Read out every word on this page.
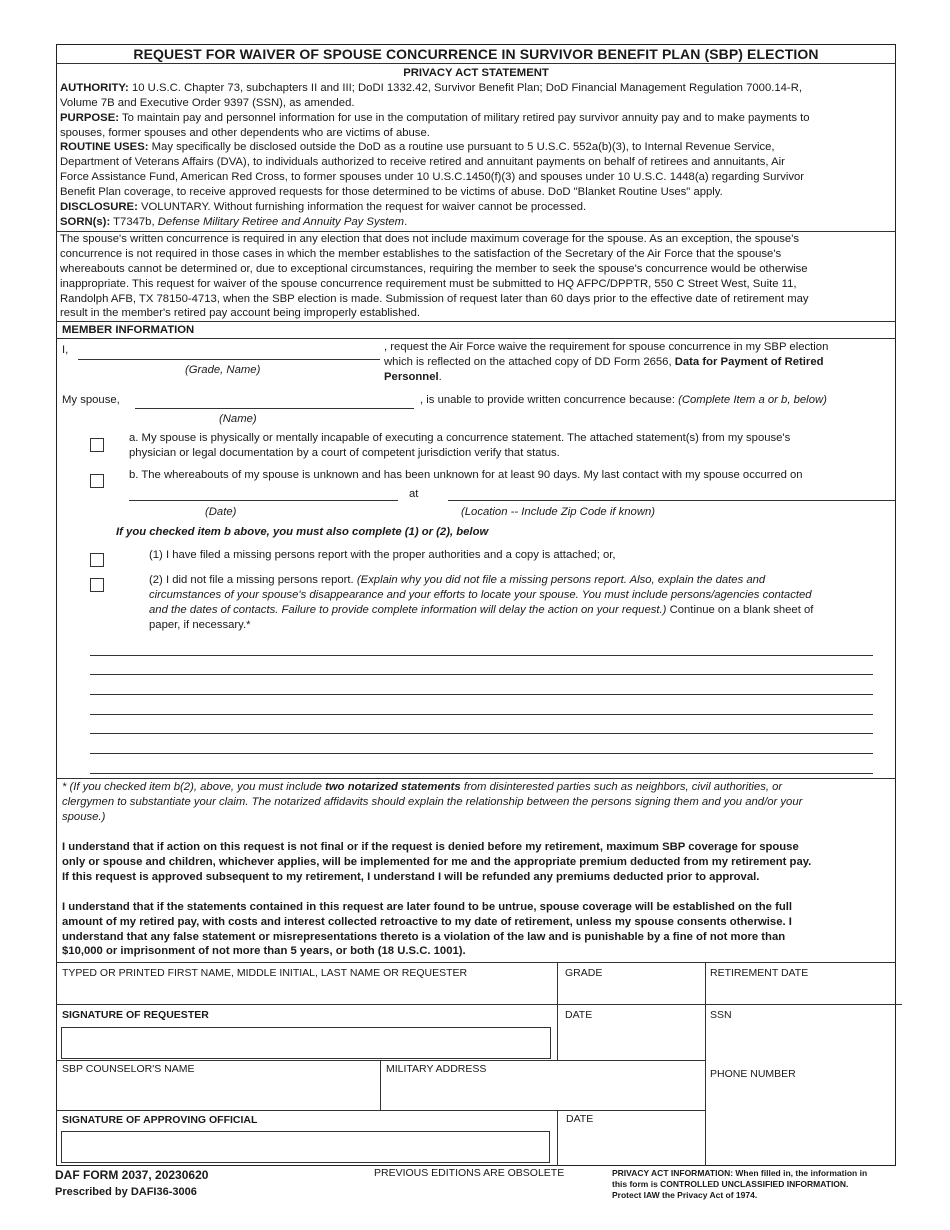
REQUEST FOR WAIVER OF SPOUSE CONCURRENCE IN SURVIVOR BENEFIT PLAN (SBP) ELECTION
PRIVACY ACT STATEMENT
AUTHORITY: 10 U.S.C. Chapter 73, subchapters II and III; DoDI 1332.42, Survivor Benefit Plan; DoD Financial Management Regulation 7000.14-R,
Volume 7B and Executive Order 9397 (SSN), as amended.
PURPOSE: To maintain pay and personnel information for use in the computation of military retired pay survivor annuity pay and to make payments to
spouses, former spouses and other dependents who are victims of abuse.
ROUTINE USES: May specifically be disclosed outside the DoD as a routine use pursuant to 5 U.S.C. 552a(b)(3), to Internal Revenue Service,
Department of Veterans Affairs (DVA), to individuals authorized to receive retired and annuitant payments on behalf of retirees and annuitants, Air
Force Assistance Fund, American Red Cross, to former spouses under 10 U.S.C.1450(f)(3) and spouses under 10 U.S.C. 1448(a) regarding Survivor
Benefit Plan coverage, to receive approved requests for those determined to be victims of abuse. DoD "Blanket Routine Uses" apply.
DISCLOSURE: VOLUNTARY. Without furnishing information the request for waiver cannot be processed.
SORN(s): T7347b, Defense Military Retiree and Annuity Pay System.
The spouse's written concurrence is required in any election that does not include maximum coverage for the spouse. As an exception, the spouse's
concurrence is not required in those cases in which the member establishes to the satisfaction of the Secretary of the Air Force that the spouse's
whereabouts cannot be determined or, due to exceptional circumstances, requiring the member to seek the spouse's concurrence would be otherwise
inappropriate. This request for waiver of the spouse concurrence requirement must be submitted to HQ AFPC/DPPTR, 550 C Street West, Suite 11,
Randolph AFB, TX 78150-4713, when the SBP election is made. Submission of request later than 60 days prior to the effective date of retirement may
result in the member's retired pay account being improperly established.
MEMBER INFORMATION
I,
(Grade, Name)
, request the Air Force waive the requirement for spouse concurrence in my SBP election
which is reflected on the attached copy of DD Form 2656, Data for Payment of Retired
Personnel.
My spouse,
(Name)
, is unable to provide written concurrence because: (Complete Item a or b, below)
a. My spouse is physically or mentally incapable of executing a concurrence statement. The attached statement(s) from my spouse's
physician or legal documentation by a court of competent jurisdiction verify that status.
b. The whereabouts of my spouse is unknown and has been unknown for at least 90 days. My last contact with my spouse occurred on
at
(Date)	(Location -- Include Zip Code if known)
If you checked item b above, you must also complete (1) or (2), below
(1) I have filed a missing persons report with the proper authorities and a copy is attached; or,
(2) I did not file a missing persons report. (Explain why you did not file a missing persons report. Also, explain the dates and
circumstances of your spouse's disappearance and your efforts to locate your spouse. You must include persons/agencies contacted
and the dates of contacts. Failure to provide complete information will delay the action on your request.) Continue on a blank sheet of
paper, if necessary.*
* (If you checked item b(2), above, you must include two notarized statements from disinterested parties such as neighbors, civil authorities, or
clergymen to substantiate your claim. The notarized affidavits should explain the relationship between the persons signing them and you and/or your
spouse.)
I understand that if action on this request is not final or if the request is denied before my retirement, maximum SBP coverage for spouse
only or spouse and children, whichever applies, will be implemented for me and the appropriate premium deducted from my retirement pay.
If this request is approved subsequent to my retirement, I understand I will be refunded any premiums deducted prior to approval.
I understand that if the statements contained in this request are later found to be untrue, spouse coverage will be established on the full
amount of my retired pay, with costs and interest collected retroactive to my date of retirement, unless my spouse consents otherwise. I
understand that any false statement or misrepresentations thereto is a violation of the law and is punishable by a fine of not more than
$10,000 or imprisonment of not more than 5 years, or both (18 U.S.C. 1001).
TYPED OR PRINTED FIRST NAME, MIDDLE INITIAL, LAST NAME OR REQUESTER	GRADE	RETIREMENT DATE
SIGNATURE OF REQUESTER	DATE	SSN
SBP COUNSELOR'S NAME	MILITARY ADDRESS	PHONE NUMBER
SIGNATURE OF APPROVING OFFICIAL	DATE
DAF FORM 2037, 20230620
Prescribed by DAFI36-3006
PREVIOUS EDITIONS ARE OBSOLETE	PRIVACY ACT INFORMATION: When filled in, the information in
this form is CONTROLLED UNCLASSIFIED INFORMATION.
Protect IAW the Privacy Act of 1974.
